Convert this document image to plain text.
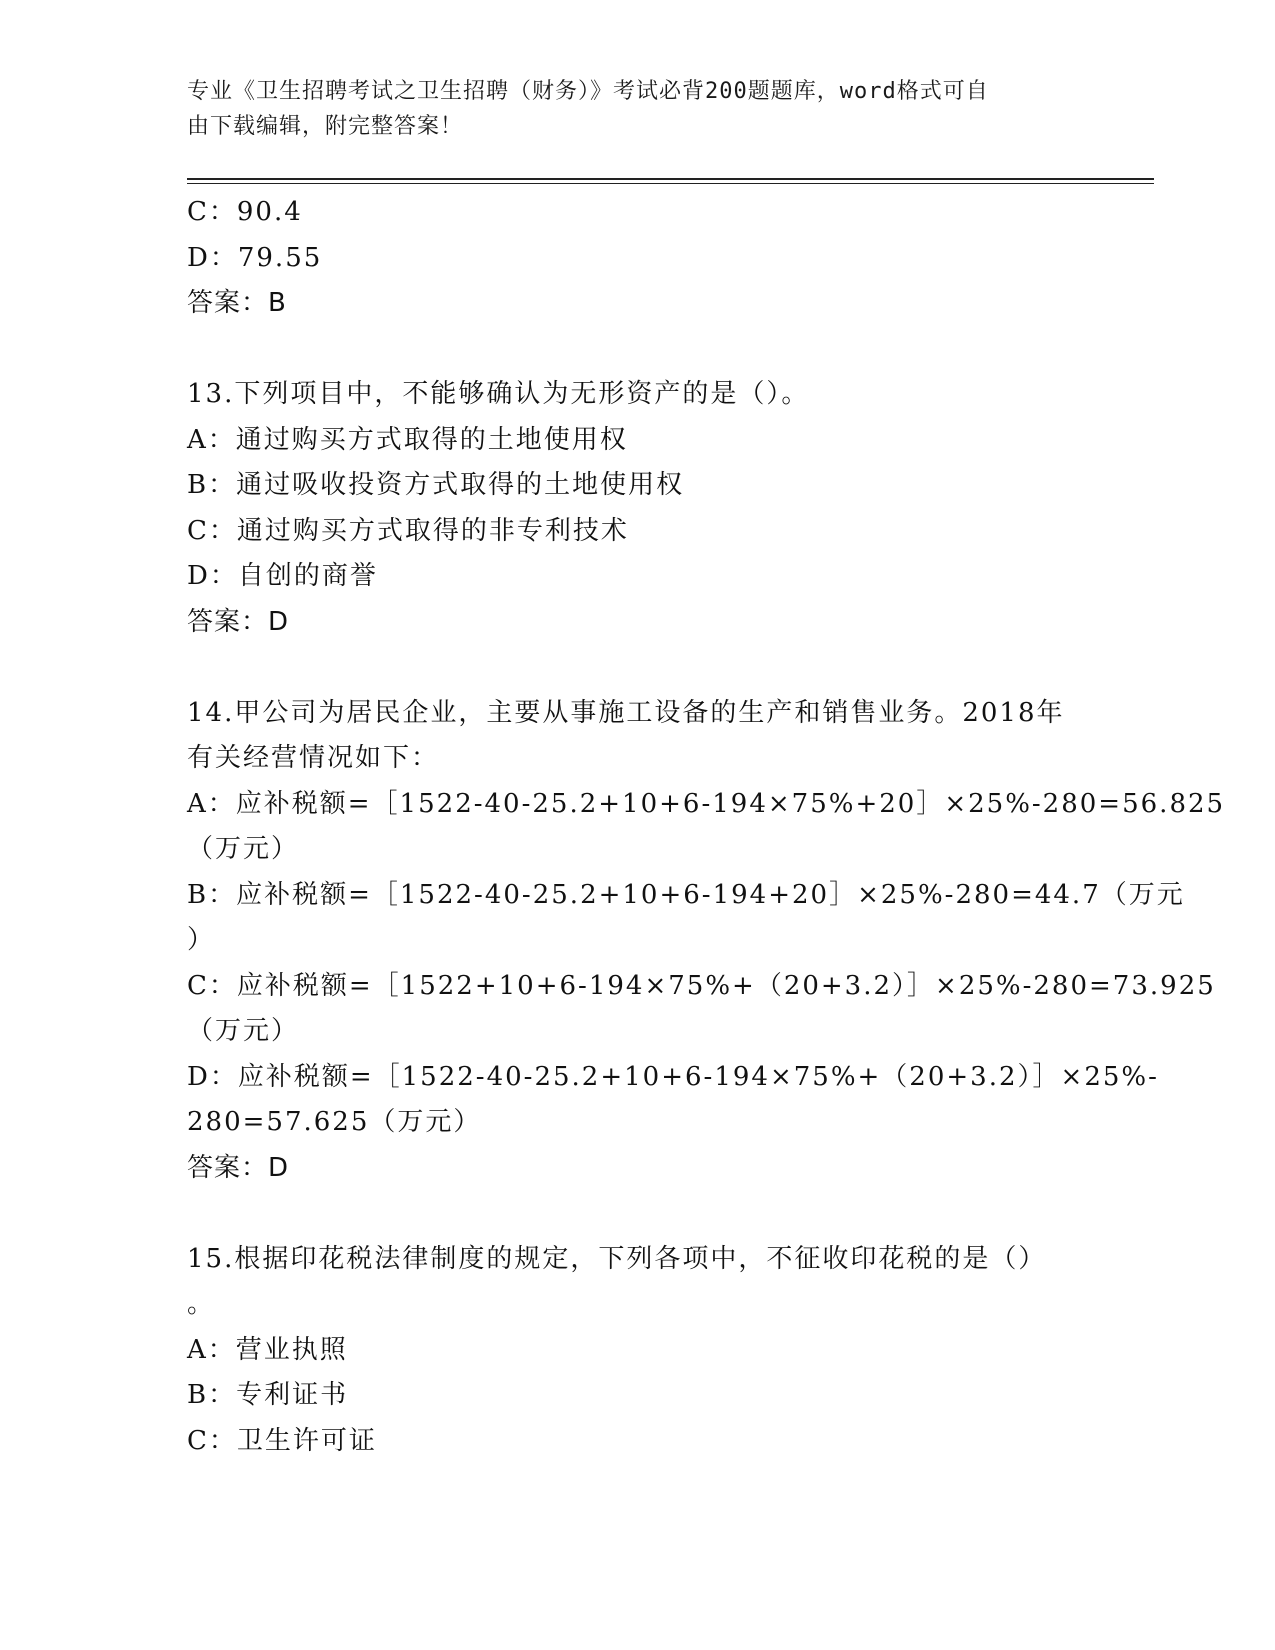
专业《卫生招聘考试之卫生招聘（财务）》考试必背200题题库，word格式可自
由下载编辑，附完整答案！
C：90.4
D：79.55
答案：B
13.下列项目中，不能够确认为无形资产的是（）。
A：通过购买方式取得的土地使用权
B：通过吸收投资方式取得的土地使用权
C：通过购买方式取得的非专利技术
D：自创的商誉
答案：D
14.甲公司为居民企业，主要从事施工设备的生产和销售业务。2018年
有关经营情况如下：
A：应补税额=［1522-40-25.2+10+6-194×75%+20］×25%-280=56.825
（万元）
B：应补税额=［1522-40-25.2+10+6-194+20］×25%-280=44.7（万元
）
C：应补税额=［1522+10+6-194×75%+（20+3.2）］×25%-280=73.925
（万元）
D：应补税额=［1522-40-25.2+10+6-194×75%+（20+3.2）］×25%-
280=57.625（万元）
答案：D
15.根据印花税法律制度的规定，下列各项中，不征收印花税的是（）
。
A：营业执照
B：专利证书
C：卫生许可证
